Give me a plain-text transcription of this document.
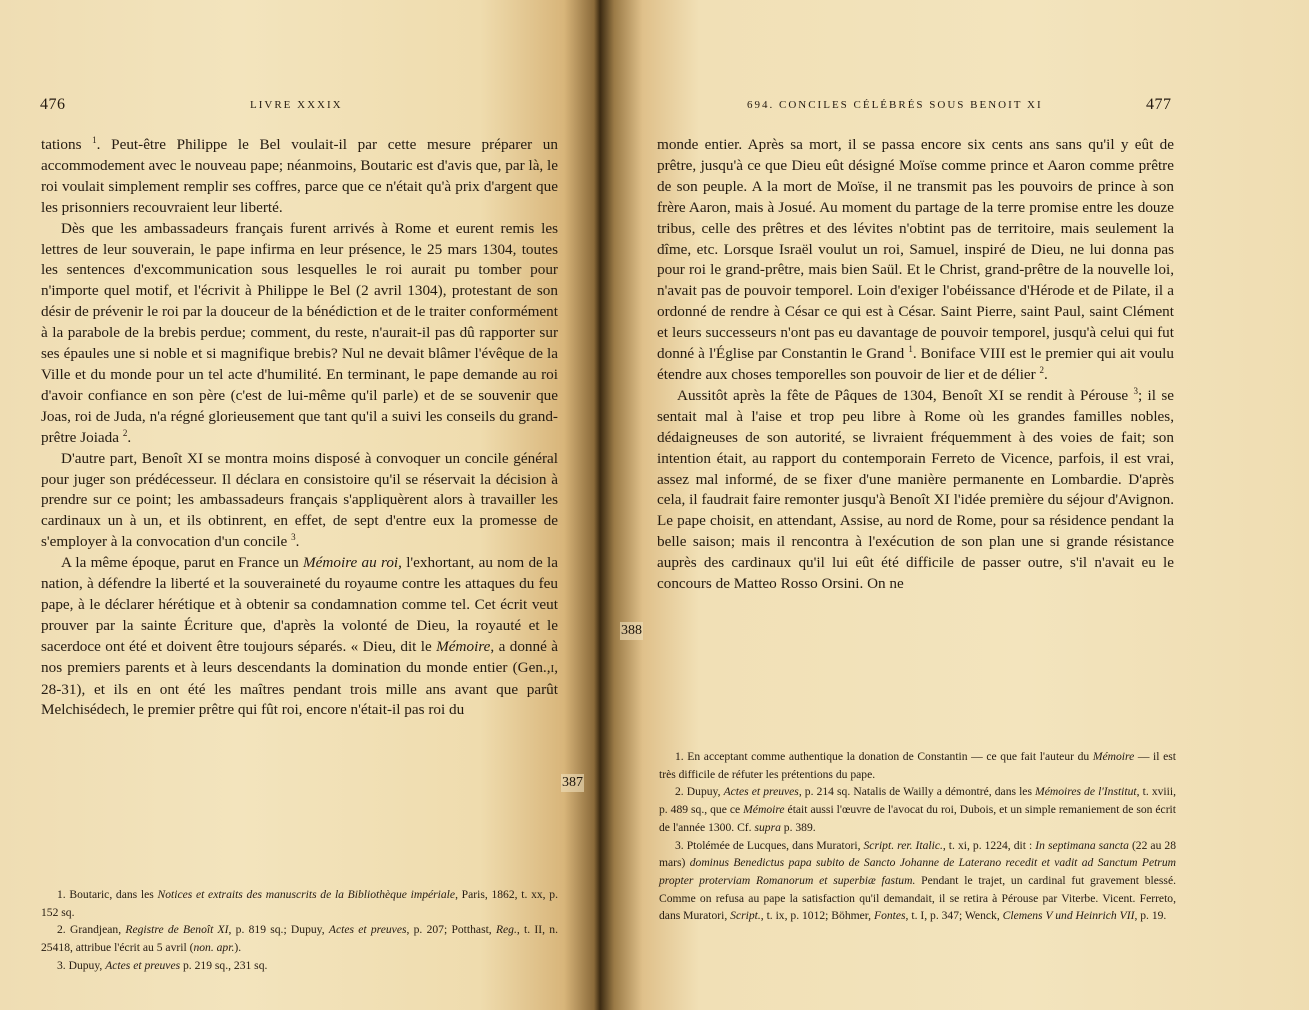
476	LIVRE XXXIX

tations $^1$. Peut-être Philippe le Bel voulait-il par cette mesure préparer un accommodement avec le nouveau pape; néanmoins, Boutaric est d'avis que, par là, le roi voulait simplement remplir ses coffres, parce que ce n'était qu'à prix d'argent que les prisonniers recouvraient leur liberté.

Dès que les ambassadeurs français furent arrivés à Rome et eurent remis les lettres de leur souverain, le pape infirma en leur présence, le 25 mars 1304, toutes les sentences d'excommunication sous lesquelles le roi aurait pu tomber pour n'importe quel motif, et l'écrivit à Philippe le Bel (2 avril 1304), protestant de son désir de prévenir le roi par la douceur de la bénédiction et de le traiter conformément à la parabole de la brebis perdue; comment, du reste, n'aurait-il pas dû rapporter sur ses épaules une si noble et si magnifique brebis? Nul ne devait blâmer l'évêque de la Ville et du monde pour un tel acte d'humilité. En terminant, le pape demande au roi d'avoir confiance en son père (c'est de lui-même qu'il parle) et de se souvenir que Joas, roi de Juda, n'a régné glorieusement que tant qu'il a suivi les conseils du grand-prêtre Joiada $^2$.

D'autre part, Benoît XI se montra moins disposé à convoquer un concile général pour juger son prédécesseur. Il déclara en consistoire qu'il se réservait la décision à prendre sur ce point; les ambassadeurs français s'appliquèrent alors à travailler les cardinaux un à un, et ils obtinrent, en effet, de sept d'entre eux la promesse de s'employer à la convocation d'un concile $^3$.

A la même époque, parut en France un Mémoire au roi, l'exhortant, au nom de la nation, à défendre la liberté et la souveraineté du royaume contre les attaques du feu pape, à le déclarer hérétique et à obtenir sa condamnation comme tel. Cet écrit veut prouver par la sainte Écriture que, d'après la volonté de Dieu, la royauté et le sacerdoce ont été et doivent être toujours séparés. « Dieu, dit le Mémoire, a donné à nos premiers parents et à leurs descendants la domination du monde entier (Gen.,I, 28-31), et ils en ont été les maîtres pendant trois mille ans avant que parût Melchisédech, le premier prêtre qui fût roi, encore n'était-il pas roi du

1. Boutaric, dans les Notices et extraits des manuscrits de la Bibliothèque impériale, Paris, 1862, t. xx, p. 152 sq.

2. Grandjean, Registre de Benoît XI, p. 819 sq.; Dupuy, Actes et preuves, p. 207; Potthast, Reg., t. II, n. 25418, attribue l'écrit au 5 avril (non. apr.).

3. Dupuy, Actes et preuves p. 219 sq., 231 sq.

387
694. CONCILES CÉLÉBRÉS SOUS BENOIT XI	477
388

monde entier. Après sa mort, il se passa encore six cents ans sans qu'il y eût de prêtre, jusqu'à ce que Dieu eût désigné Moïse comme prince et Aaron comme prêtre de son peuple. A la mort de Moïse, il ne transmit pas les pouvoirs de prince à son frère Aaron, mais à Josué. Au moment du partage de la terre promise entre les douze tribus, celle des prêtres et des lévites n'obtint pas de territoire, mais seulement la dîme, etc. Lorsque Israël voulut un roi, Samuel, inspiré de Dieu, ne lui donna pas pour roi le grand-prêtre, mais bien Saül. Et le Christ, grand-prêtre de la nouvelle loi, n'avait pas de pouvoir temporel. Loin d'exiger l'obéissance d'Hérode et de Pilate, il a ordonné de rendre à César ce qui est à César. Saint Pierre, saint Paul, saint Clément et leurs successeurs n'ont pas eu davantage de pouvoir temporel, jusqu'à celui qui fut donné à l'Église par Constantin le Grand $^1$. Boniface VIII est le premier qui ait voulu étendre aux choses temporelles son pouvoir de lier et de délier $^2$.

Aussitôt après la fête de Pâques de 1304, Benoît XI se rendit à Pérouse $^3$; il se sentait mal à l'aise et trop peu libre à Rome où les grandes familles nobles, dédaigneuses de son autorité, se livraient fréquemment à des voies de fait; son intention était, au rapport du contemporain Ferreto de Vicence, parfois, il est vrai, assez mal informé, de se fixer d'une manière permanente en Lombardie. D'après cela, il faudrait faire remonter jusqu'à Benoît XI l'idée première du séjour d'Avignon. Le pape choisit, en attendant, Assise, au nord de Rome, pour sa résidence pendant la belle saison; mais il rencontra à l'exécution de son plan une si grande résistance auprès des cardinaux qu'il lui eût été difficile de passer outre, s'il n'avait eu le concours de Matteo Rosso Orsini. On ne

1. En acceptant comme authentique la donation de Constantin — ce que fait l'auteur du Mémoire — il est très difficile de réfuter les prétentions du pape.

2. Dupuy, Actes et preuves, p. 214 sq. Natalis de Wailly a démontré, dans les Mémoires de l'Institut, t. xviii, p. 489 sq., que ce Mémoire était aussi l'œuvre de l'avocat du roi, Dubois, et un simple remaniement de son écrit de l'année 1300. Cf. supra p. 389.

3. Ptolémée de Lucques, dans Muratori, Script. rer. Italic., t. xi, p. 1224, dit : In septimana sancta (22 au 28 mars) dominus Benedictus papa subito de Sancto Johanne de Laterano recedit et vadit ad Sanctum Petrum propter proterviam Romanorum et superbiæ fastum. Pendant le trajet, un cardinal fut gravement blessé. Comme on refusa au pape la satisfaction qu'il demandait, il se retira à Pérouse par Viterbe. Vicent. Ferreto, dans Muratori, Script., t. ix, p. 1012; Böhmer, Fontes, t. I, p. 347; Wenck, Clemens V und Heinrich VII, p. 19.
